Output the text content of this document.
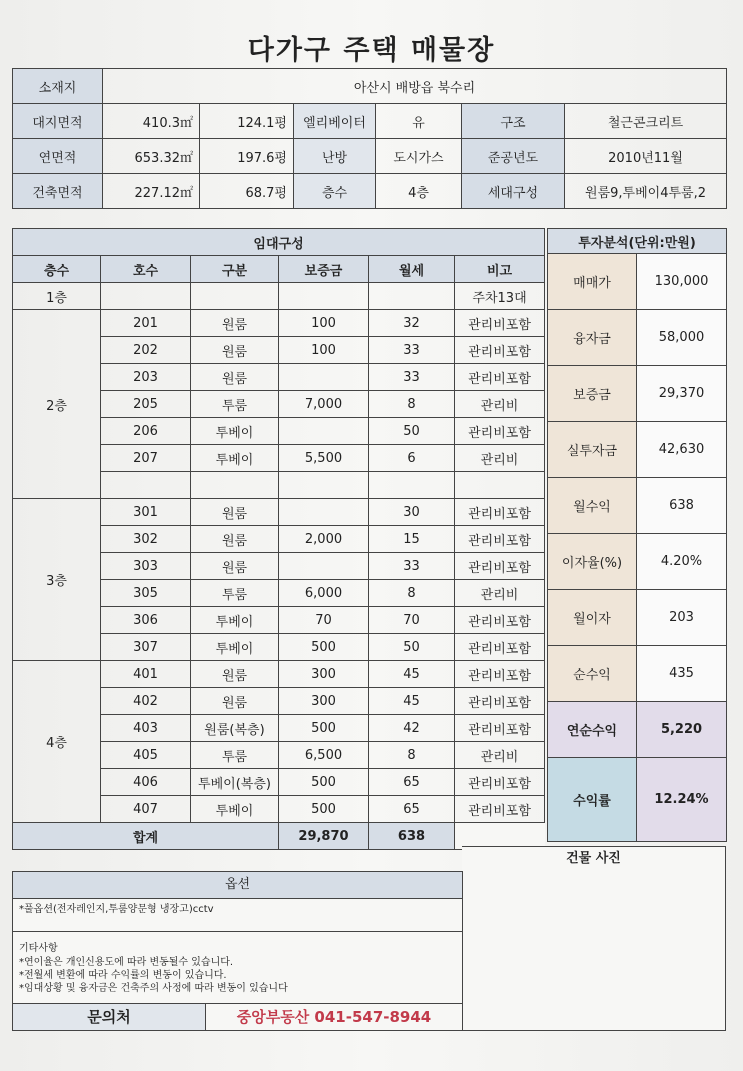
다가구 주택 매물장
소재지	아산시 배방읍 북수리					
대지면적	410.3㎡	124.1평	엘리베이터	유	구조	철근콘크리트
연면적	653.32㎡	197.6평	난방	도시가스	준공년도	2010년11월
건축면적	227.12㎡	68.7평	층수	4층	세대구성	원룸9,투베이4투룸,2
임대구성					
층수	호수	구분	보증금	월세	비고
1층					주차13대
2층	201	원룸	100	32	관리비포함
	202	원룸	100	33	관리비포함
	203	원룸		33	관리비포함
	205	투룸	7,000	8	관리비
	206	투베이		50	관리비포함
	207	투베이	5,500	6	관리비

3층	301	원룸		30	관리비포함
	302	원룸	2,000	15	관리비포함
	303	원룸		33	관리비포함
	305	투룸	6,000	8	관리비
	306	투베이	70	70	관리비포함
	307	투베이	500	50	관리비포함
4층	401	원룸	300	45	관리비포함
	402	원룸	300	45	관리비포함
	403	원룸(복층)	500	42	관리비포함
	405	투룸	6,500	8	관리비
	406	투베이(복층)	500	65	관리비포함
	407	투베이	500	65	관리비포함
합계			29,870	638	
투자분석(단위:만원)	
매매가	130,000
융자금	58,000
보증금	29,370
실투자금	42,630
월수익	638
이자율(%)	4.20%
월이자	203
순수익	435
연순수익	5,220
수익률	12.24%
건물 사진
옵션
*풀옵션(전자레인지,투룸양문형 냉장고)cctv
기타사항
*연이율은 개인신용도에 따라 변동될수 있습니다.
*전월세 변환에 따라 수익률의 변동이 있습니다.
*임대상황 및 융자금은 건축주의 사정에 따라 변동이 있습니다
문의처	중앙부동산 041-547-8944
